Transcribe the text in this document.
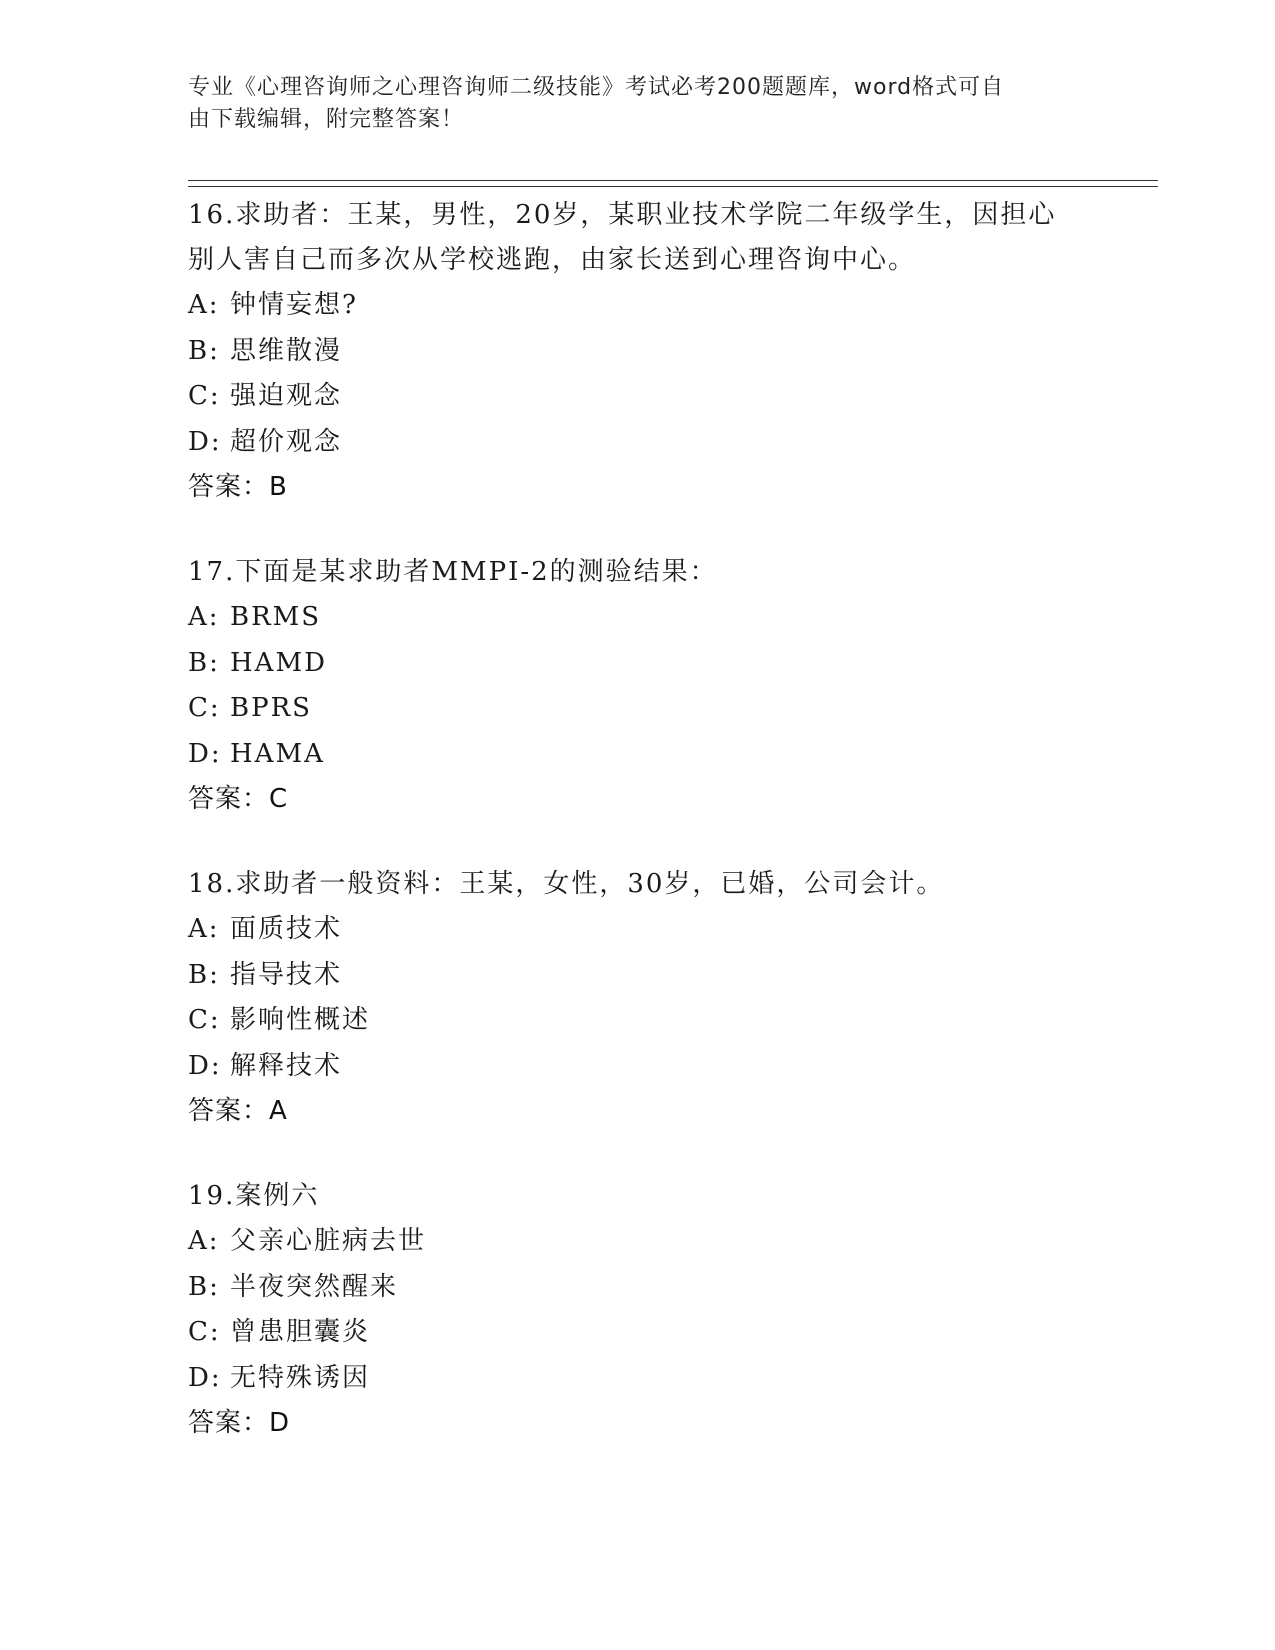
专业《心理咨询师之心理咨询师二级技能》考试必考200题题库，word格式可自
由下载编辑，附完整答案！
16.求助者：王某，男性，20岁，某职业技术学院二年级学生，因担心
别人害自己而多次从学校逃跑，由家长送到心理咨询中心。
A: 钟情妄想?
B: 思维散漫
C: 强迫观念
D: 超价观念
答案：B
17.下面是某求助者MMPI-2的测验结果：
A: BRMS
B: HAMD
C: BPRS
D: HAMA
答案：C
18.求助者一般资料：王某，女性，30岁，已婚，公司会计。
A: 面质技术
B: 指导技术
C: 影响性概述
D: 解释技术
答案：A
19.案例六
A: 父亲心脏病去世
B: 半夜突然醒来
C: 曾患胆囊炎
D: 无特殊诱因
答案：D
